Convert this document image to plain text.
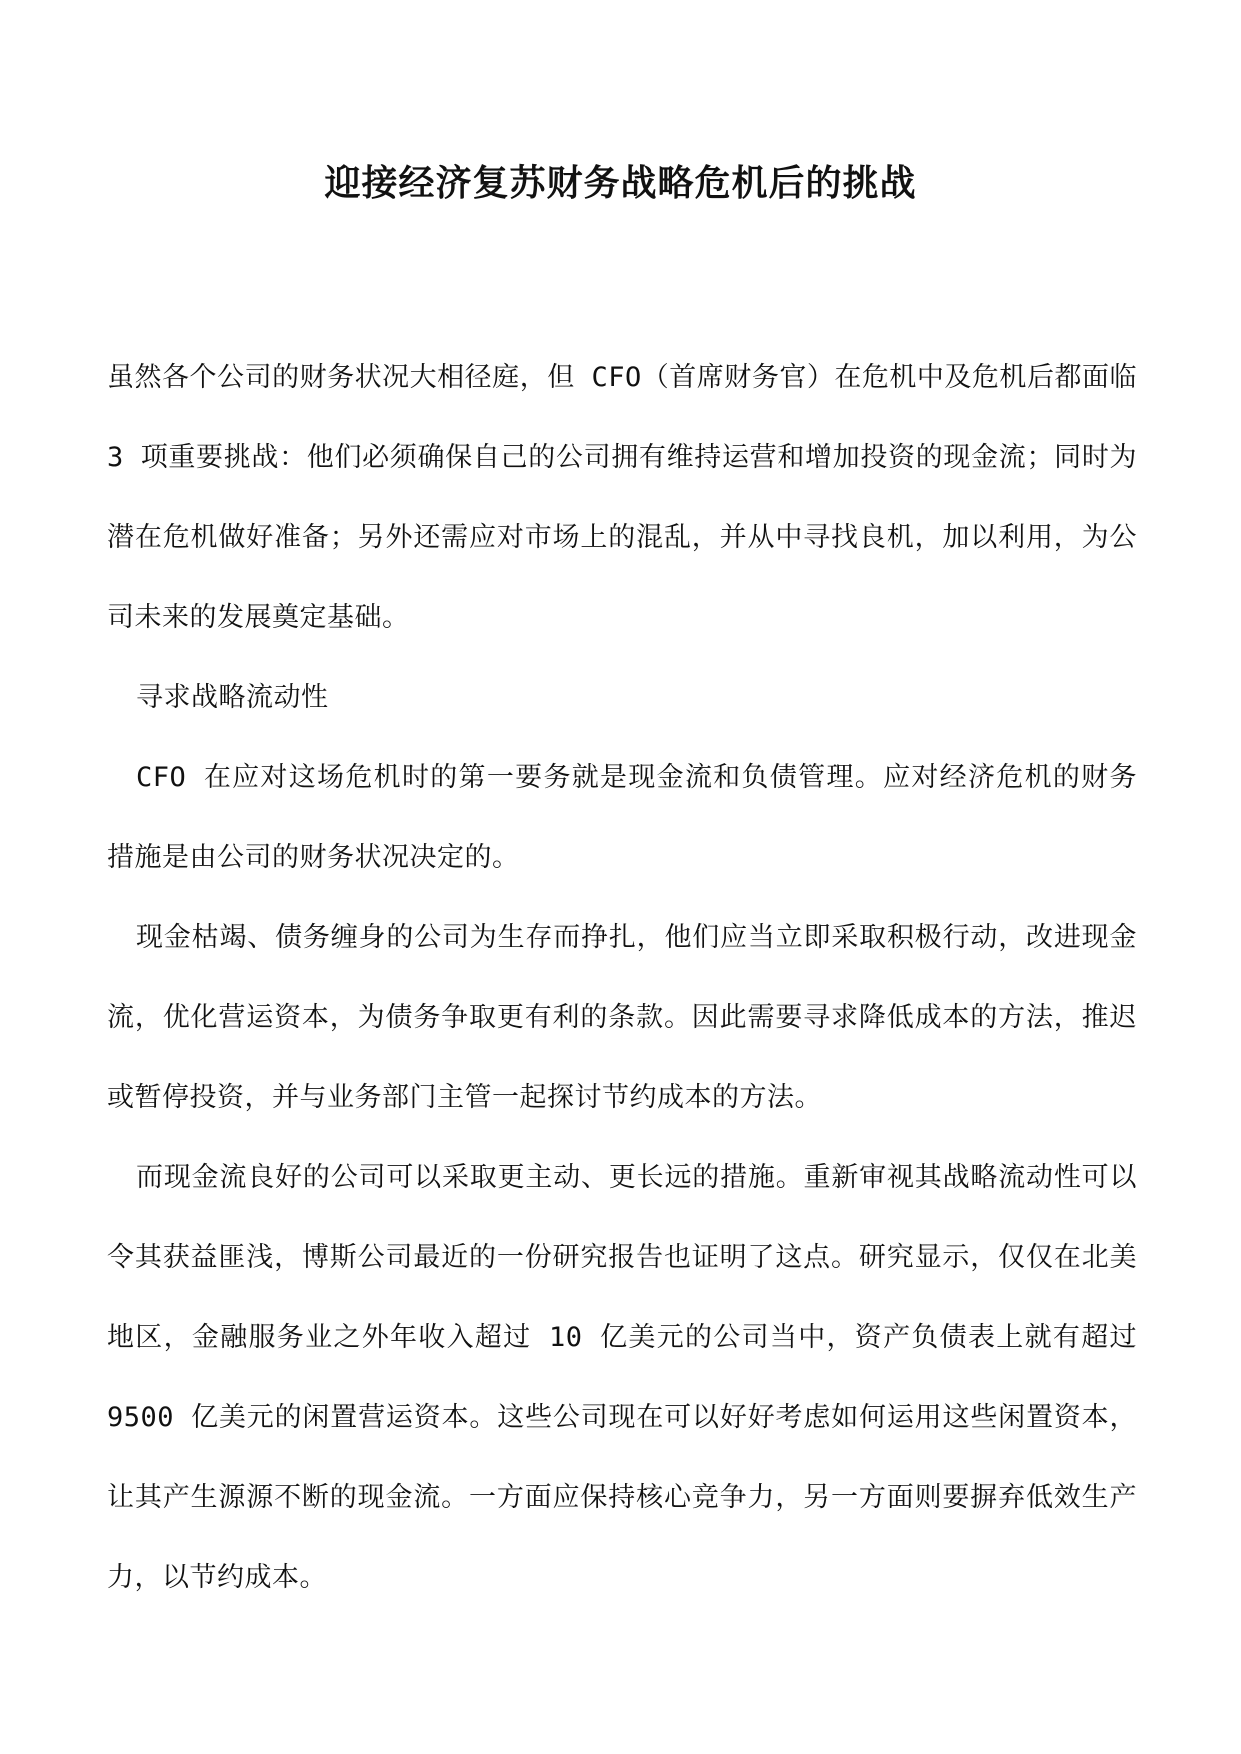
迎接经济复苏财务战略危机后的挑战

虽然各个公司的财务状况大相径庭，但 CFO（首席财务官）在危机中及危机后都面临 3 项重要挑战：他们必须确保自己的公司拥有维持运营和增加投资的现金流；同时为潜在危机做好准备；另外还需应对市场上的混乱，并从中寻找良机，加以利用，为公司未来的发展奠定基础。

寻求战略流动性

CFO 在应对这场危机时的第一要务就是现金流和负债管理。应对经济危机的财务措施是由公司的财务状况决定的。

现金枯竭、债务缠身的公司为生存而挣扎，他们应当立即采取积极行动，改进现金流，优化营运资本，为债务争取更有利的条款。因此需要寻求降低成本的方法，推迟或暂停投资，并与业务部门主管一起探讨节约成本的方法。

而现金流良好的公司可以采取更主动、更长远的措施。重新审视其战略流动性可以令其获益匪浅，博斯公司最近的一份研究报告也证明了这点。研究显示，仅仅在北美地区，金融服务业之外年收入超过 10 亿美元的公司当中，资产负债表上就有超过 9500 亿美元的闲置营运资本。这些公司现在可以好好考虑如何运用这些闲置资本，让其产生源源不断的现金流。一方面应保持核心竞争力，另一方面则要摒弃低效生产力，以节约成本。
